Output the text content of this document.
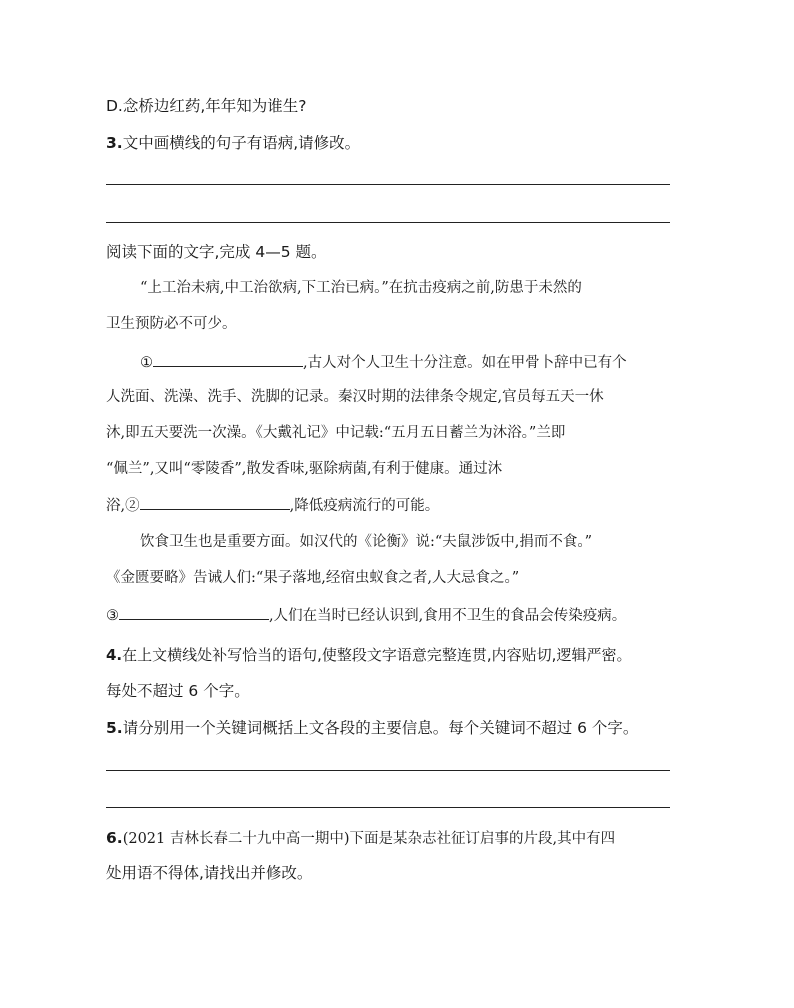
D.念桥边红药,年年知为谁生?
3.文中画横线的句子有语病,请修改。
阅读下面的文字,完成 4—5 题。
“上工治未病,中工治欲病,下工治已病。”在抗击疫病之前,防患于未然的
卫生预防必不可少。
①	,古人对个人卫生十分注意。如在甲骨卜辞中已有个
人洗面、洗澡、洗手、洗脚的记录。秦汉时期的法律条令规定,官员每五天一休
沐,即五天要洗一次澡。《大戴礼记》中记载:“五月五日蓄兰为沐浴。”兰即
“佩兰”,又叫“零陵香”,散发香味,驱除病菌,有利于健康。通过沐
浴,②	,降低疫病流行的可能。
饮食卫生也是重要方面。如汉代的《论衡》说:“夫鼠涉饭中,捐而不食。”
《金匮要略》告诫人们:“果子落地,经宿虫蚁食之者,人大忌食之。”
③	,人们在当时已经认识到,食用不卫生的食品会传染疫病。
4.在上文横线处补写恰当的语句,使整段文字语意完整连贯,内容贴切,逻辑严密。
每处不超过 6 个字。
5.请分别用一个关键词概括上文各段的主要信息。每个关键词不超过 6 个字。
6.(2021 吉林长春二十九中高一期中)下面是某杂志社征订启事的片段,其中有四
处用语不得体,请找出并修改。
